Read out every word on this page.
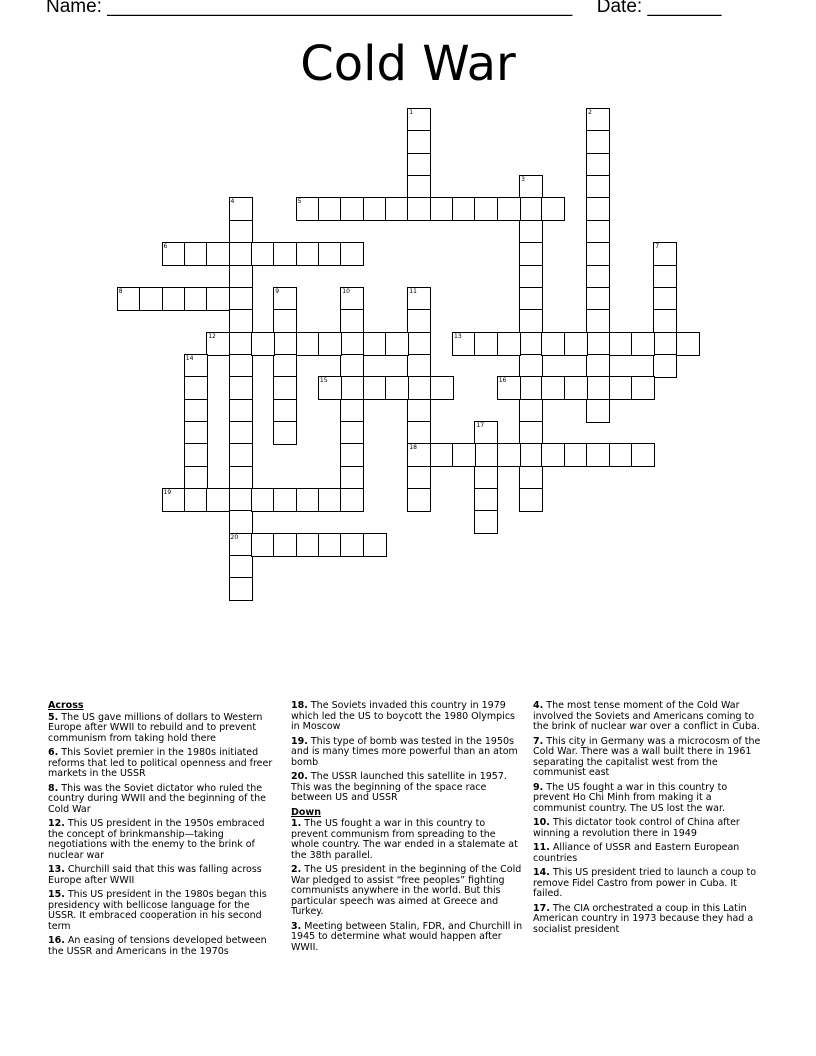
Name: ____________________________________________ Date: _______
Cold War
1	2
3
4
20
5
6	7
8	9	10	11
18
12	13
14
15	16
17
19
Across
5. The US gave millions of dollars to Western Europe after WWII to rebuild and to prevent communism from taking hold there
6. This Soviet premier in the 1980s initiated reforms that led to political openness and freer markets in the USSR
8. This was the Soviet dictator who ruled the country during WWII and the beginning of the Cold War
12. This US president in the 1950s embraced the concept of brinkmanship—taking negotiations with the enemy to the brink of nuclear war
13. Churchill said that this was falling across Europe after WWII
15. This US president in the 1980s began this presidency with bellicose language for the USSR. It embraced cooperation in his second term
16. An easing of tensions developed between the USSR and Americans in the 1970s
18. The Soviets invaded this country in 1979 which led the US to boycott the 1980 Olympics in Moscow
19. This type of bomb was tested in the 1950s and is many times more powerful than an atom bomb
20. The USSR launched this satellite in 1957. This was the beginning of the space race between US and USSR
Down
1. The US fought a war in this country to prevent communism from spreading to the whole country. The war ended in a stalemate at the 38th parallel.
2. The US president in the beginning of the Cold War pledged to assist “free peoples” fighting communists anywhere in the world. But this particular speech was aimed at Greece and Turkey.
3. Meeting between Stalin, FDR, and Churchill in 1945 to determine what would happen after WWII.
4. The most tense moment of the Cold War involved the Soviets and Americans coming to the brink of nuclear war over a conflict in Cuba.
7. This city in Germany was a microcosm of the Cold War. There was a wall built there in 1961 separating the capitalist west from the communist east
9. The US fought a war in this country to prevent Ho Chi Minh from making it a communist country. The US lost the war.
10. This dictator took control of China after winning a revolution there in 1949
11. Alliance of USSR and Eastern European countries
14. This US president tried to launch a coup to remove Fidel Castro from power in Cuba. It failed.
17. The CIA orchestrated a coup in this Latin American country in 1973 because they had a socialist president
